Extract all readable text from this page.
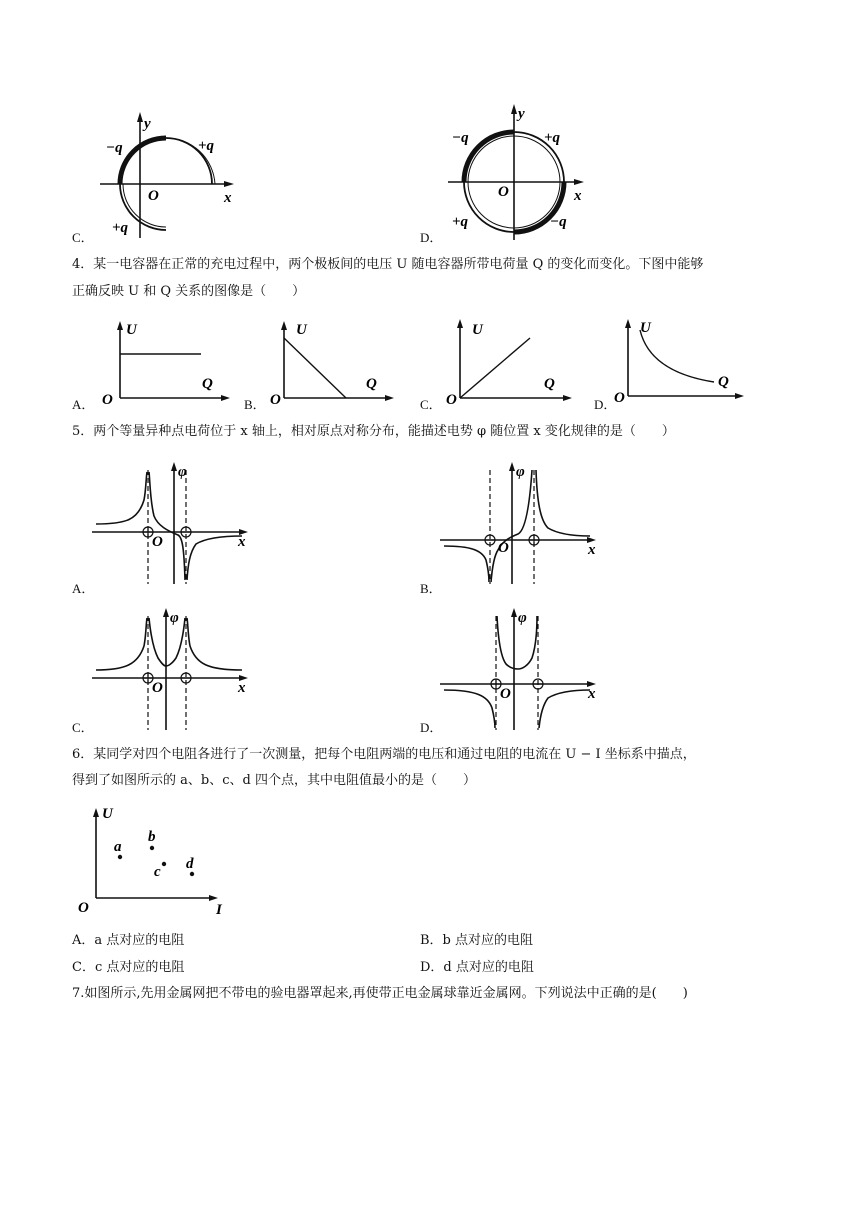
y
x
O
−q	+q
+q
C．
y
x
O
−q	+q
+q	−q
D．
4．某一电容器在正常的充电过程中，两个极板间的电压 U 随电容器所带电荷量 Q 的变化而变化。下图中能够
正确反映 U 和 Q 关系的图像是（　　）
U
Q
O
A．
U
Q
O
B．
U
Q
O
C．
U
Q
O
D．
5．两个等量异种点电荷位于 x 轴上，相对原点对称分布，能描述电势 φ 随位置 x 变化规律的是（　　）
φ
x
O
A．
φ
x
O
B．
φ
x
O
C．
φ
x
O
D．
6．某同学对四个电阻各进行了一次测量，把每个电阻两端的电压和通过电阻的电流在 U − I 坐标系中描点，
得到了如图所示的 a、b、c、d 四个点，其中电阻值最小的是（　　）
U
I
O
a
b
c d
A．a 点对应的电阻	B．b 点对应的电阻
C．c 点对应的电阻	D．d 点对应的电阻
7.如图所示,先用金属网把不带电的验电器罩起来,再使带正电金属球靠近金属网。下列说法中正确的是(　　)
